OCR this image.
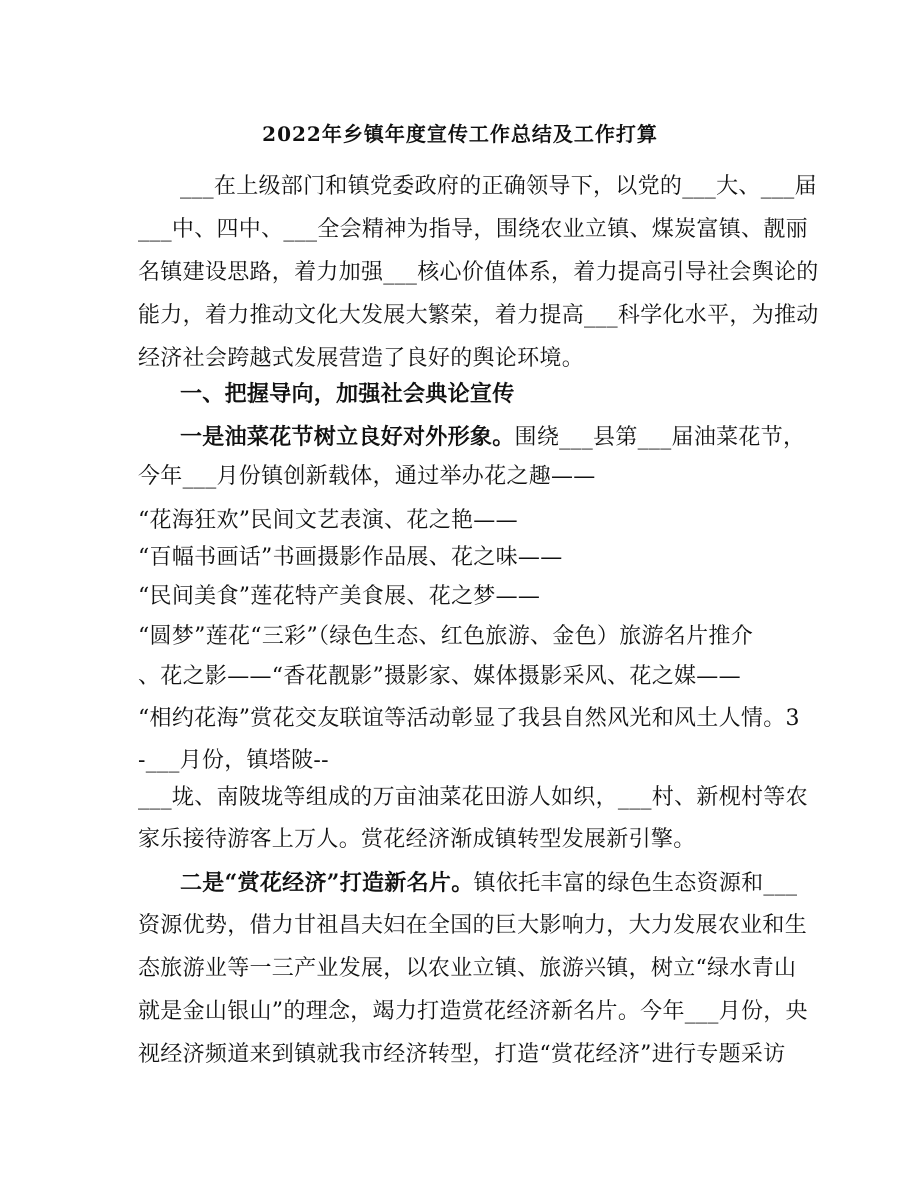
2022年乡镇年度宣传工作总结及工作打算
___在上级部门和镇党委政府的正确领导下，以党的___大、___届
___中、四中、___全会精神为指导，围绕农业立镇、煤炭富镇、靓丽
名镇建设思路，着力加强___核心价值体系，着力提高引导社会舆论的
能力，着力推动文化大发展大繁荣，着力提高___科学化水平，为推动
经济社会跨越式发展营造了良好的舆论环境。
一、把握导向，加强社会典论宣传
一是油菜花节树立良好对外形象。围绕___县第___届油菜花节，
今年___月份镇创新载体，通过举办花之趣——
“花海狂欢”民间文艺表演、花之艳——
“百幅书画话”书画摄影作品展、花之味——
“民间美食”莲花特产美食展、花之梦——
“圆梦”莲花“三彩”（绿色生态、红色旅游、金色）旅游名片推介
、花之影——“香花靓影”摄影家、媒体摄影采风、花之媒——
“相约花海”赏花交友联谊等活动彰显了我县自然风光和风土人情。3
-___月份，镇塔陂--
___垅、南陂垅等组成的万亩油菜花田游人如织，___村、新枧村等农
家乐接待游客上万人。赏花经济渐成镇转型发展新引擎。
二是“赏花经济”打造新名片。镇依托丰富的绿色生态资源和___
资源优势，借力甘祖昌夫妇在全国的巨大影响力，大力发展农业和生
态旅游业等一三产业发展，以农业立镇、旅游兴镇，树立“绿水青山
就是金山银山”的理念，竭力打造赏花经济新名片。今年___月份，央
视经济频道来到镇就我市经济转型，打造“赏花经济”进行专题采访
